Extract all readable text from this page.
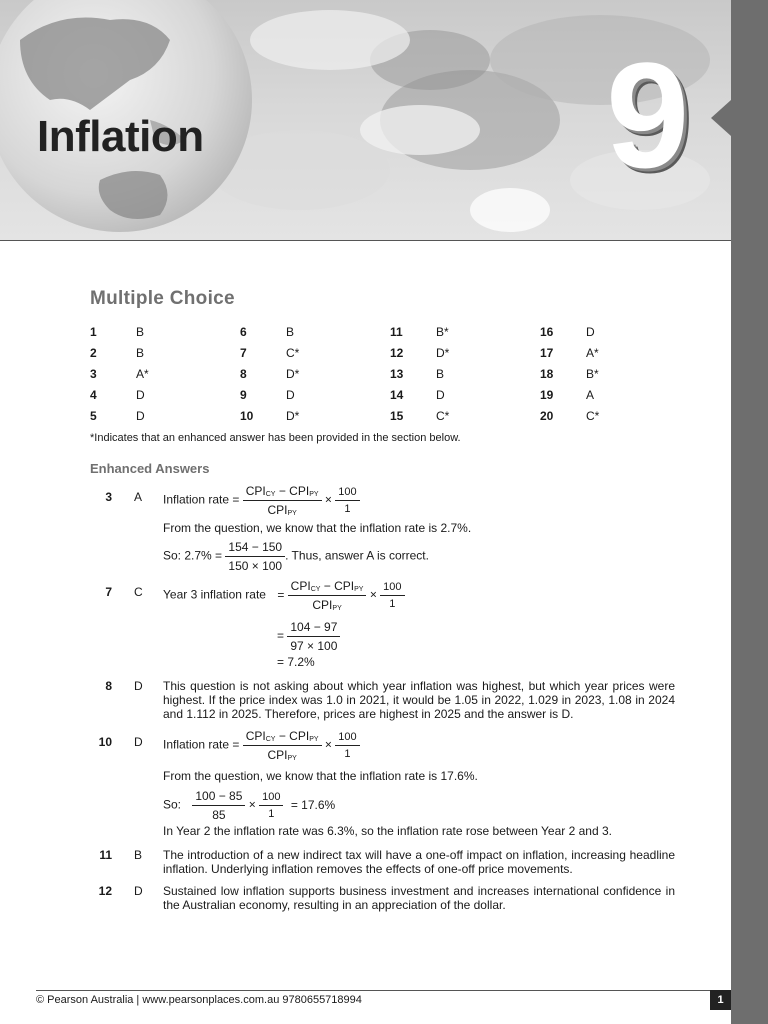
Inflation	9
Multiple Choice
1	B	6	B	11	B*	16	D
2	B	7	C*	12	D*	17	A*
3	A*	8	D*	13	B	18	B*
4	D	9	D	14	D	19	A
5	D	10	D*	15	C*	20	C*
*Indicates that an enhanced answer has been provided in the section below.
Enhanced Answers
3 A Inflation rate = $\frac{CPI_{CY} - CPI_{PY}}{CPI_{PY}} \times \frac{100}{1}$
From the question, we know that the inflation rate is 2.7%.
So: $2.7\% = \frac{154 - 150}{150 \times 100}$ . Thus, answer A is correct.
7 C Year 3 inflation rate = $\frac{CPI_{CY} - CPI_{PY}}{CPI_{PY}} \times \frac{100}{1}$
= $\frac{104 - 97}{97 \times 100}$
= 7.2%
8 D This question is not asking about which year inflation was highest, but which year prices were highest. If the price index was 1.0 in 2021, it would be 1.05 in 2022, 1.029 in 2023, 1.08 in 2024 and 1.112 in 2025. Therefore, prices are highest in 2025 and the answer is D.
10 D Inflation rate = $\frac{CPI_{CY} - CPI_{PY}}{CPI_{PY}} \times \frac{100}{1}$
From the question, we know that the inflation rate is 17.6%.
So: $\frac{100 - 85}{85} \times \frac{100}{1} = 17.6\%$
In Year 2 the inflation rate was 6.3%, so the inflation rate rose between Year 2 and 3.
11 B The introduction of a new indirect tax will have a one-off impact on inflation, increasing headline inflation. Underlying inflation removes the effects of one-off price movements.
12 D Sustained low inflation supports business investment and increases international confidence in the Australian economy, resulting in an appreciation of the dollar.
© Pearson Australia | www.pearsonplaces.com.au 9780655718994	1
